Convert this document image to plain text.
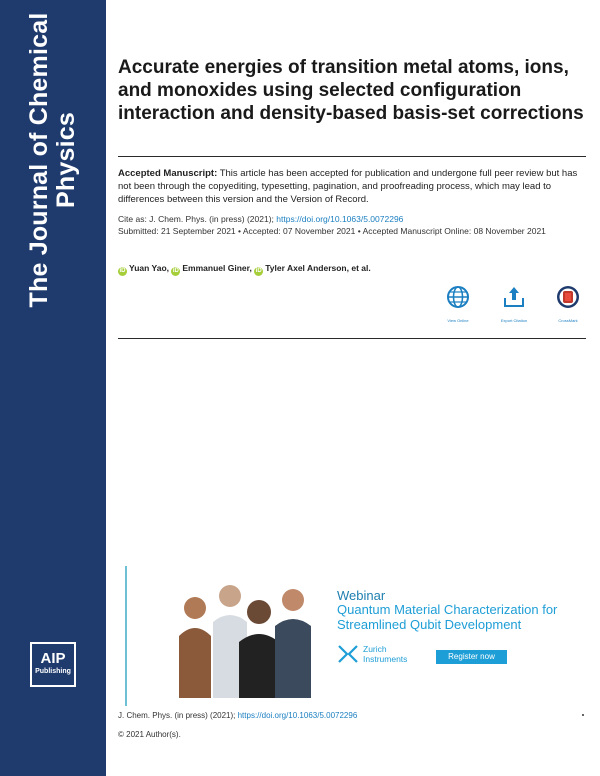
The Journal of Chemical Physics
AIP
Publishing
Accurate energies of transition metal atoms, ions, and monoxides using selected configuration interaction and density-based basis-set corrections
Accepted Manuscript: This article has been accepted for publication and undergone full peer review but has not been through the copyediting, typesetting, pagination, and proofreading process, which may lead to differences between this version and the Version of Record.
Cite as: J. Chem. Phys. (in press) (2021); https://doi.org/10.1063/5.0072296
Submitted: 21 September 2021 • Accepted: 07 November 2021 • Accepted Manuscript Online: 08 November 2021
iD Yuan Yao, iD Emmanuel Giner, iD Tyler Axel Anderson, et al.
View Online	Export Citation	CrossMark
Webinar
Quantum Material Characterization for Streamlined Qubit Development
Zurich
Instruments	Register now
J. Chem. Phys. (in press) (2021); https://doi.org/10.1063/5.0072296
© 2021 Author(s).
